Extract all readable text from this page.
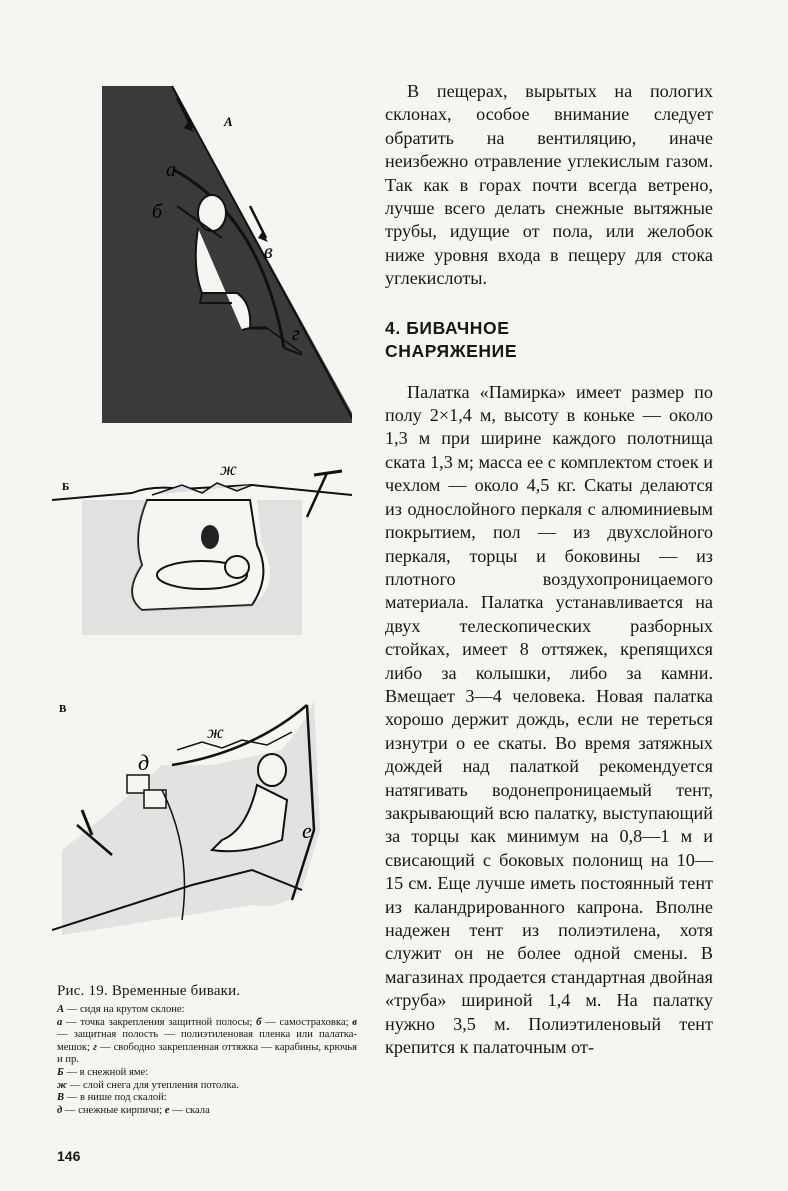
А
а
б
в
г
Б
ж
В
ж
д
е

Рис. 19. Временные биваки.

А — сидя на крутом склоне:

а — точка закрепления защитной полосы; б — самостраховка; в — защитная полость — полиэтиленовая пленка или палатка-мешок; г — свободно закрепленная оттяжка — карабины, крючья и пр.

Б — в снежной яме:

ж — слой снега для утепления потолка.

В — в нише под скалой:

д — снежные кирпичи; е — скала

В пещерах, вырытых на пологих склонах, особое внимание следует обратить на вентиляцию, иначе неизбежно отравление углекислым газом. Так как в горах почти всегда ветрено, лучше всего делать снежные вытяжные трубы, идущие от пола, или желобок ниже уровня входа в пещеру для стока углекислоты.

4. БИВАЧНОЕ
СНАРЯЖЕНИЕ

Палатка «Памирка» имеет размер по полу 2×1,4 м, высоту в коньке — около 1,3 м при ширине каждого полотнища ската 1,3 м; масса ее с комплектом стоек и чехлом — около 4,5 кг. Скаты делаются из однослойного перкаля с алюминиевым покрытием, пол — из двухслойного перкаля, торцы и боковины — из плотного воздухопроницаемого материала. Палатка устанавливается на двух телескопических разборных стойках, имеет 8 оттяжек, крепящихся либо за колышки, либо за камни. Вмещает 3—4 человека. Новая палатка хорошо держит дождь, если не тереться изнутри о ее скаты. Во время затяжных дождей над палаткой рекомендуется натягивать водонепроницаемый тент, закрывающий всю палатку, выступающий за торцы как минимум на 0,8—1 м и свисающий с боковых полонищ на 10—15 см. Еще лучше иметь постоянный тент из каландрированного капрона. Вполне надежен тент из полиэтилена, хотя служит он не более одной смены. В магазинах продается стандартная двойная «труба» шириной 1,4 м. На палатку нужно 3,5 м. Полиэтиленовый тент крепится к палаточным от-

146
